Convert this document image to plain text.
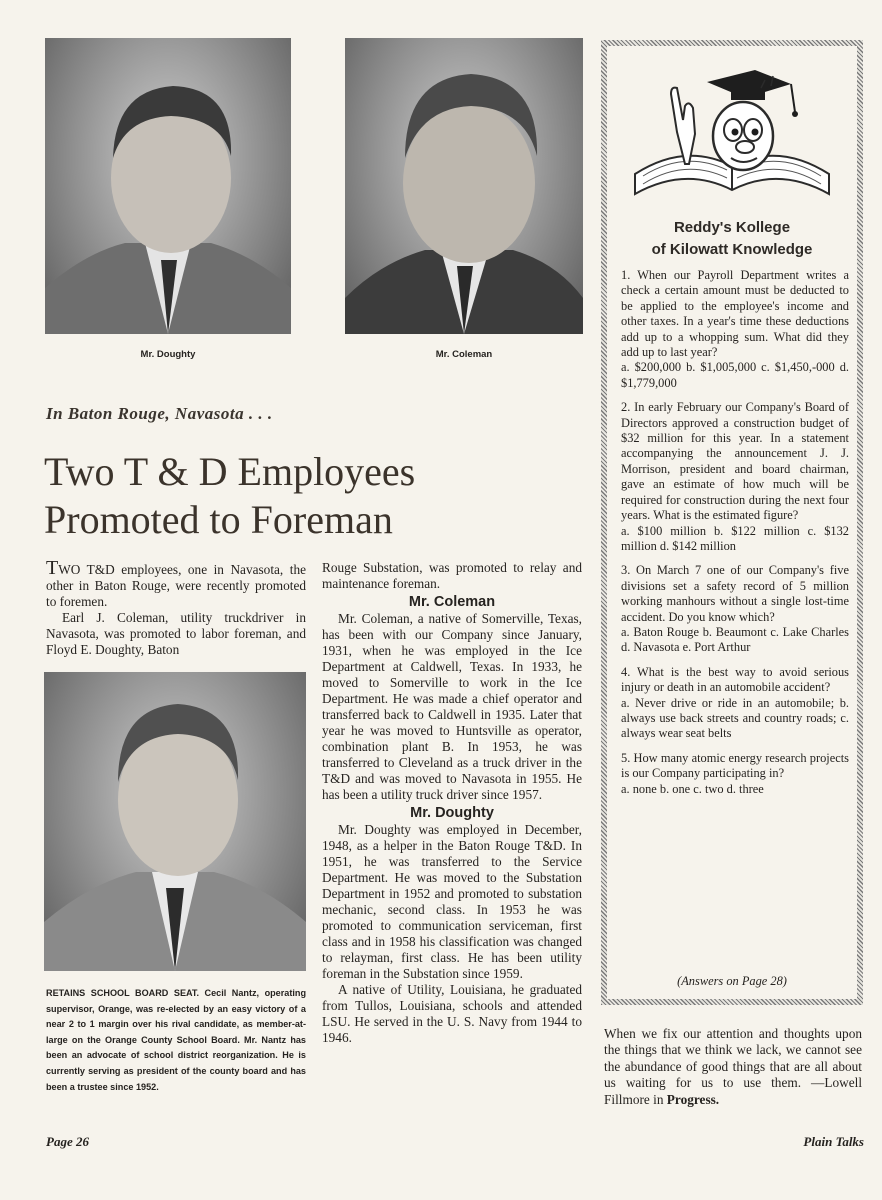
Mr. Doughty	Mr. Coleman
In Baton Rouge, Navasota . . .
Two T & D Employees
Promoted to Foreman

TWO T&D employees, one in Navasota, the other in Baton Rouge, were recently promoted to foremen.

Earl J. Coleman, utility truckdriver in Navasota, was promoted to labor foreman, and Floyd E. Doughty, Baton

RETAINS SCHOOL BOARD SEAT. Cecil Nantz, operating supervisor, Orange, was re-elected by an easy victory of a near 2 to 1 margin over his rival candidate, as member-at-large on the Orange County School Board. Mr. Nantz has been an advocate of school district reorganization. He is currently serving as president of the county board and has been a trustee since 1952.

Rouge Substation, was promoted to relay and maintenance foreman.

Mr. Coleman

Mr. Coleman, a native of Somerville, Texas, has been with our Company since January, 1931, when he was employed in the Ice Department at Caldwell, Texas. In 1933, he moved to Somerville to work in the Ice Department. He was made a chief operator and transferred back to Caldwell in 1935. Later that year he was moved to Huntsville as operator, combination plant B. In 1953, he was transferred to Cleveland as a truck driver in the T&D and was moved to Navasota in 1955. He has been a utility truck driver since 1957.

Mr. Doughty

Mr. Doughty was employed in December, 1948, as a helper in the Baton Rouge T&D. In 1951, he was transferred to the Service Department. He was moved to the Substation Department in 1952 and promoted to substation mechanic, second class. In 1953 he was promoted to communication serviceman, first class and in 1958 his classification was changed to relayman, first class. He has been utility foreman in the Substation since 1959.

A native of Utility, Louisiana, he graduated from Tullos, Louisiana, schools and attended LSU. He served in the U. S. Navy from 1944 to 1946.

Reddy's Kollege
of Kilowatt Knowledge
1. When our Payroll Department writes a check a certain amount must be deducted to be applied to the employee's income and other taxes. In a year's time these deductions add up to a whopping sum. What did they add up to last year?
a. $200,000 b. $1,005,000 c. $1,450,-000 d. $1,779,000
2. In early February our Company's Board of Directors approved a construction budget of $32 million for this year. In a statement accompanying the announcement J. J. Morrison, president and board chairman, gave an estimate of how much will be required for construction during the next four years. What is the estimated figure?
a. $100 million b. $122 million c. $132 million d. $142 million
3. On March 7 one of our Company's five divisions set a safety record of 5 million working manhours without a single lost-time accident. Do you know which?
a. Baton Rouge b. Beaumont c. Lake Charles d. Navasota e. Port Arthur
4. What is the best way to avoid serious injury or death in an automobile accident?
a. Never drive or ride in an automobile; b. always use back streets and country roads; c. always wear seat belts
5. How many atomic energy research projects is our Company participating in?
a. none b. one c. two d. three
(Answers on Page 28)
When we fix our attention and thoughts upon the things that we think we lack, we cannot see the abundance of good things that are all about us waiting for us to use them. —Lowell Fillmore in Progress.
Page 26	Plain Talks
